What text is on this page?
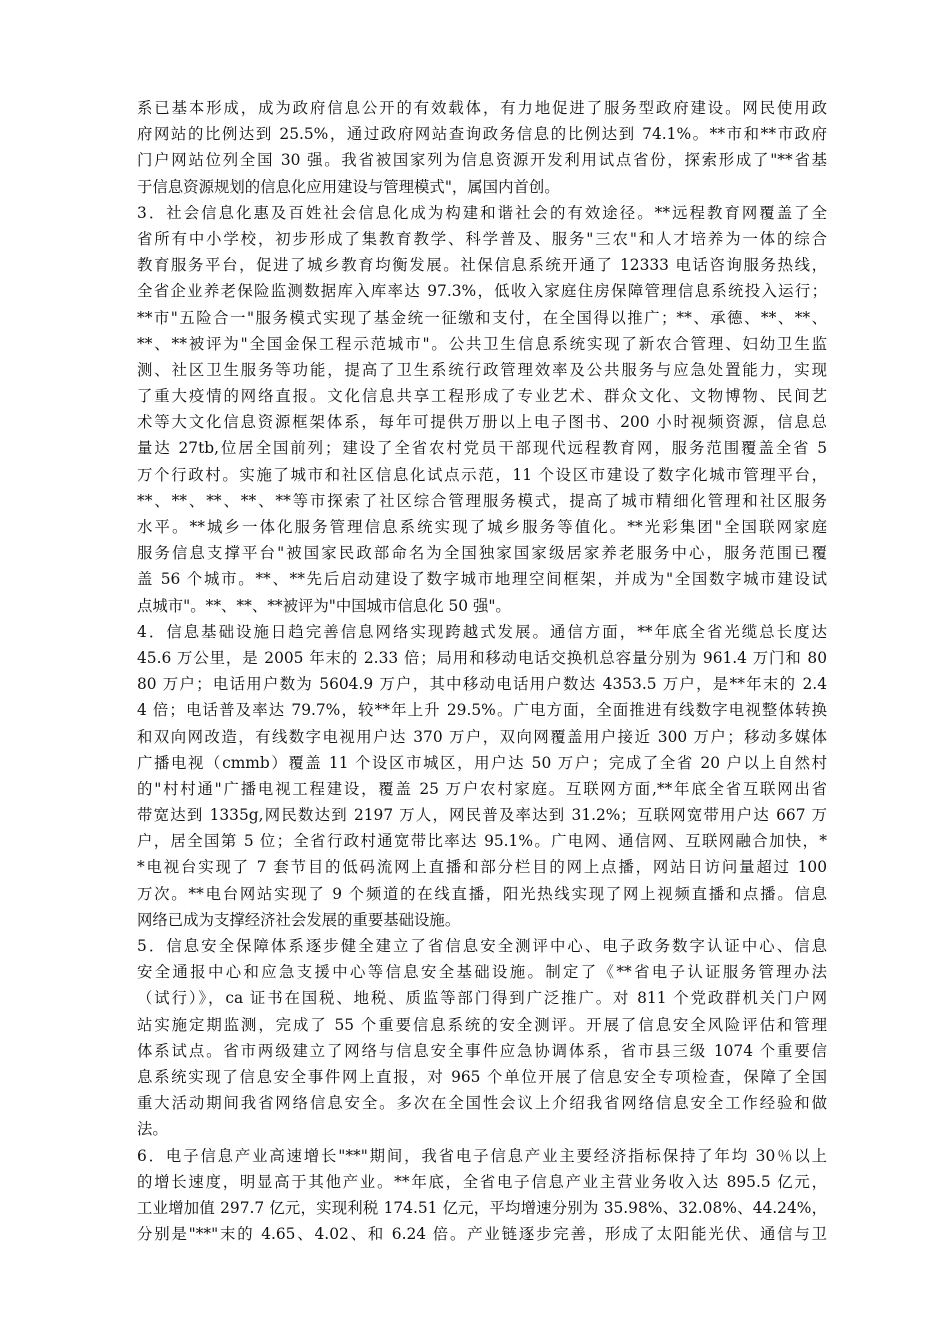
系已基本形成，成为政府信息公开的有效载体，有力地促进了服务型政府建设。网民使用政
府网站的比例达到 25.5%，通过政府网站查询政务信息的比例达到 74.1%。**市和**市政府
门户网站位列全国 30 强。我省被国家列为信息资源开发利用试点省份，探索形成了"**省基
于信息资源规划的信息化应用建设与管理模式"，属国内首创。
3．社会信息化惠及百姓社会信息化成为构建和谐社会的有效途径。**远程教育网覆盖了全
省所有中小学校，初步形成了集教育教学、科学普及、服务"三农"和人才培养为一体的综合
教育服务平台，促进了城乡教育均衡发展。社保信息系统开通了 12333 电话咨询服务热线，
全省企业养老保险监测数据库入库率达 97.3%，低收入家庭住房保障管理信息系统投入运行；
**市"五险合一"服务模式实现了基金统一征缴和支付，在全国得以推广；**、承德、**、**、
**、**被评为"全国金保工程示范城市"。公共卫生信息系统实现了新农合管理、妇幼卫生监
测、社区卫生服务等功能，提高了卫生系统行政管理效率及公共服务与应急处置能力，实现
了重大疫情的网络直报。文化信息共享工程形成了专业艺术、群众文化、文物博物、民间艺
术等大文化信息资源框架体系，每年可提供万册以上电子图书、200 小时视频资源，信息总
量达 27tb,位居全国前列；建设了全省农村党员干部现代远程教育网，服务范围覆盖全省 5
万个行政村。实施了城市和社区信息化试点示范，11 个设区市建设了数字化城市管理平台，
**、**、**、**、**等市探索了社区综合管理服务模式，提高了城市精细化管理和社区服务
水平。**城乡一体化服务管理信息系统实现了城乡服务等值化。**光彩集团"全国联网家庭
服务信息支撑平台"被国家民政部命名为全国独家国家级居家养老服务中心，服务范围已覆
盖 56 个城市。**、**先后启动建设了数字城市地理空间框架，并成为"全国数字城市建设试
点城市"。**、**、**被评为"中国城市信息化 50 强"。
4．信息基础设施日趋完善信息网络实现跨越式发展。通信方面，**年底全省光缆总长度达
45.6 万公里，是 2005 年末的 2.33 倍；局用和移动电话交换机总容量分别为 961.4 万门和 80
80 万户；电话用户数为 5604.9 万户，其中移动电话用户数达 4353.5 万户，是**年末的 2.4
4 倍；电话普及率达 79.7%，较**年上升 29.5%。广电方面，全面推进有线数字电视整体转换
和双向网改造，有线数字电视用户达 370 万户，双向网覆盖用户接近 300 万户；移动多媒体
广播电视（cmmb）覆盖 11 个设区市城区，用户达 50 万户；完成了全省 20 户以上自然村
的"村村通"广播电视工程建设，覆盖 25 万户农村家庭。互联网方面,**年底全省互联网出省
带宽达到 1335g,网民数达到 2197 万人，网民普及率达到 31.2%；互联网宽带用户达 667 万
户，居全国第 5 位；全省行政村通宽带比率达 95.1%。广电网、通信网、互联网融合加快，*
*电视台实现了 7 套节目的低码流网上直播和部分栏目的网上点播，网站日访问量超过 100
万次。**电台网站实现了 9 个频道的在线直播，阳光热线实现了网上视频直播和点播。信息
网络已成为支撑经济社会发展的重要基础设施。
5．信息安全保障体系逐步健全建立了省信息安全测评中心、电子政务数字认证中心、信息
安全通报中心和应急支援中心等信息安全基础设施。制定了《**省电子认证服务管理办法
（试行）》，ca 证书在国税、地税、质监等部门得到广泛推广。对 811 个党政群机关门户网
站实施定期监测，完成了 55 个重要信息系统的安全测评。开展了信息安全风险评估和管理
体系试点。省市两级建立了网络与信息安全事件应急协调体系，省市县三级 1074 个重要信
息系统实现了信息安全事件网上直报，对 965 个单位开展了信息安全专项检查，保障了全国
重大活动期间我省网络信息安全。多次在全国性会议上介绍我省网络信息安全工作经验和做
法。
6．电子信息产业高速增长"**"期间，我省电子信息产业主要经济指标保持了年均 30％以上
的增长速度，明显高于其他产业。**年底，全省电子信息产业主营业务收入达 895.5 亿元，
工业增加值 297.7 亿元，实现利税 174.51 亿元，平均增速分别为 35.98%、32.08%、44.24%，
分别是"**"末的 4.65、4.02、和 6.24 倍。产业链逐步完善，形成了太阳能光伏、通信与卫
